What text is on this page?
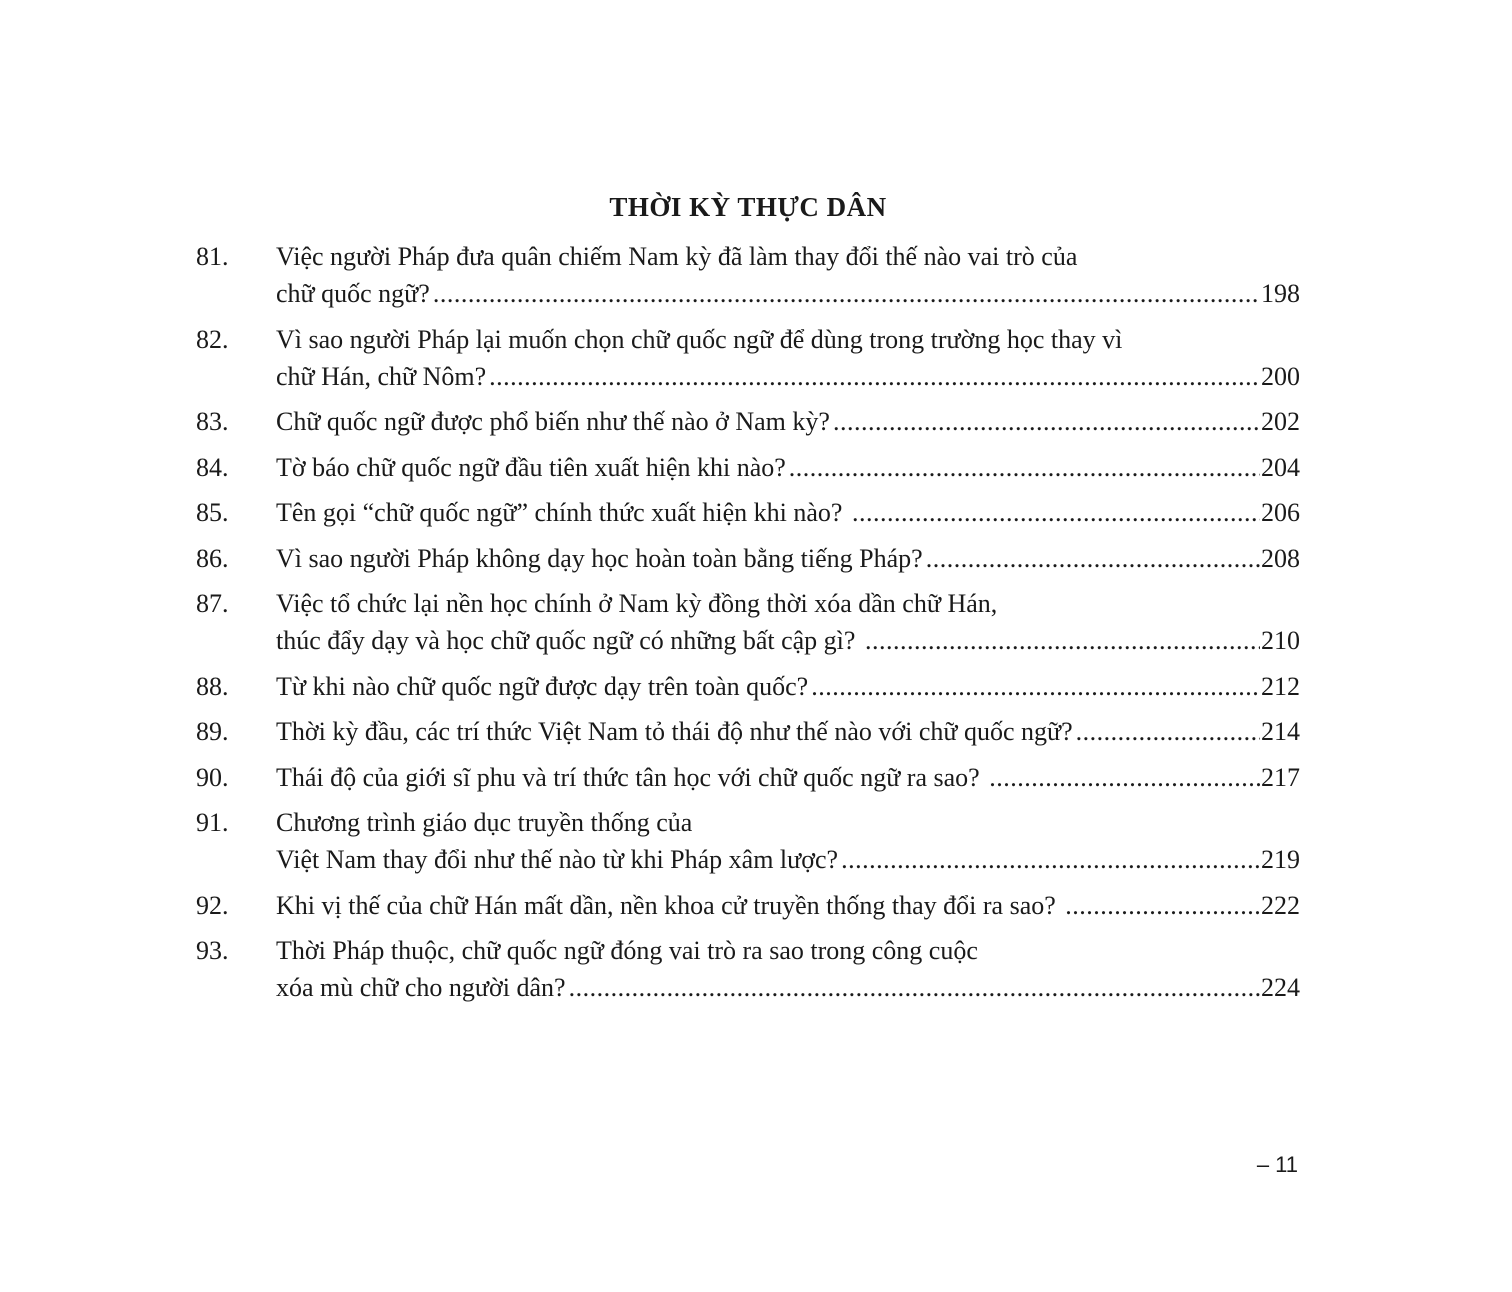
THỜI KỲ THỰC DÂN
81. Việc người Pháp đưa quân chiếm Nam kỳ đã làm thay đổi thế nào vai trò của
chữ quốc ngữ? .....	198
82. Vì sao người Pháp lại muốn chọn chữ quốc ngữ để dùng trong trường học thay vì
chữ Hán, chữ Nôm? .....	200
83. Chữ quốc ngữ được phổ biến như thế nào ở Nam kỳ? .....	202
84. Tờ báo chữ quốc ngữ đầu tiên xuất hiện khi nào? .....	204
85. Tên gọi “chữ quốc ngữ” chính thức xuất hiện khi nào? .....	206
86. Vì sao người Pháp không dạy học hoàn toàn bằng tiếng Pháp? .....	208
87. Việc tổ chức lại nền học chính ở Nam kỳ đồng thời xóa dần chữ Hán,
thúc đẩy dạy và học chữ quốc ngữ có những bất cập gì? .....	210
88. Từ khi nào chữ quốc ngữ được dạy trên toàn quốc? .....	212
89. Thời kỳ đầu, các trí thức Việt Nam tỏ thái độ như thế nào với chữ quốc ngữ? .....	214
90. Thái độ của giới sĩ phu và trí thức tân học với chữ quốc ngữ ra sao? .....	217
91. Chương trình giáo dục truyền thống của
Việt Nam thay đổi như thế nào từ khi Pháp xâm lược? .....	219
92. Khi vị thế của chữ Hán mất dần, nền khoa cử truyền thống thay đổi ra sao? .....	222
93. Thời Pháp thuộc, chữ quốc ngữ đóng vai trò ra sao trong công cuộc
xóa mù chữ cho người dân? .....	224
– 11
